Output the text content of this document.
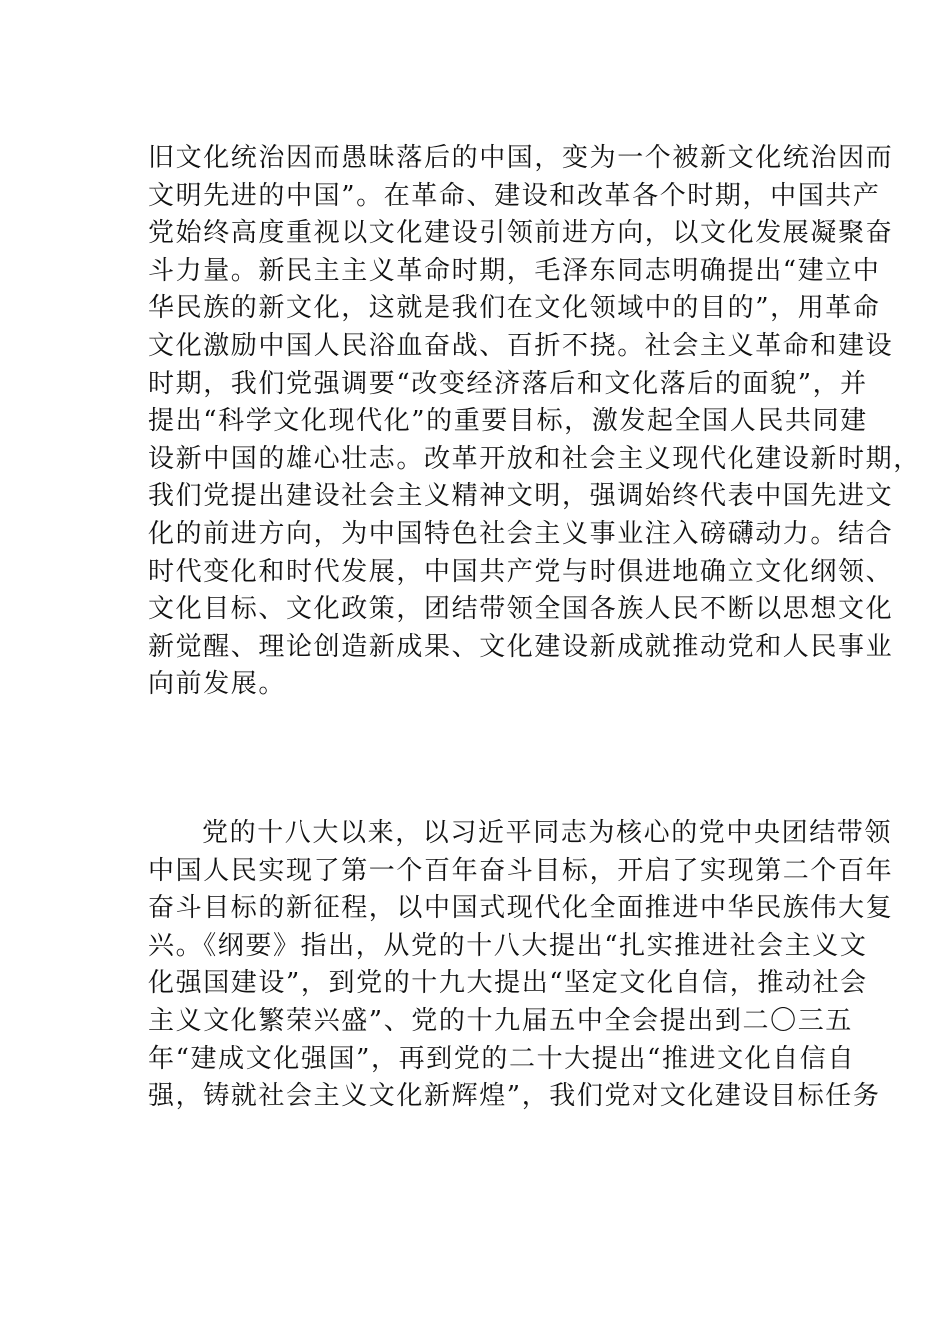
旧文化统治因而愚昧落后的中国，变为一个被新文化统治因而
文明先进的中国”。在革命、建设和改革各个时期，中国共产
党始终高度重视以文化建设引领前进方向，以文化发展凝聚奋
斗力量。新民主主义革命时期，毛泽东同志明确提出“建立中
华民族的新文化，这就是我们在文化领域中的目的”，用革命
文化激励中国人民浴血奋战、百折不挠。社会主义革命和建设
时期，我们党强调要“改变经济落后和文化落后的面貌”，并
提出“科学文化现代化”的重要目标，激发起全国人民共同建
设新中国的雄心壮志。改革开放和社会主义现代化建设新时期，
我们党提出建设社会主义精神文明，强调始终代表中国先进文
化的前进方向，为中国特色社会主义事业注入磅礴动力。结合
时代变化和时代发展，中国共产党与时俱进地确立文化纲领、
文化目标、文化政策，团结带领全国各族人民不断以思想文化
新觉醒、理论创造新成果、文化建设新成就推动党和人民事业
向前发展。
党的十八大以来，以习近平同志为核心的党中央团结带领
中国人民实现了第一个百年奋斗目标，开启了实现第二个百年
奋斗目标的新征程，以中国式现代化全面推进中华民族伟大复
兴。《纲要》指出，从党的十八大提出“扎实推进社会主义文
化强国建设”，到党的十九大提出“坚定文化自信，推动社会
主义文化繁荣兴盛”、党的十九届五中全会提出到二〇三五
年“建成文化强国”，再到党的二十大提出“推进文化自信自
强，铸就社会主义文化新辉煌”，我们党对文化建设目标任务
